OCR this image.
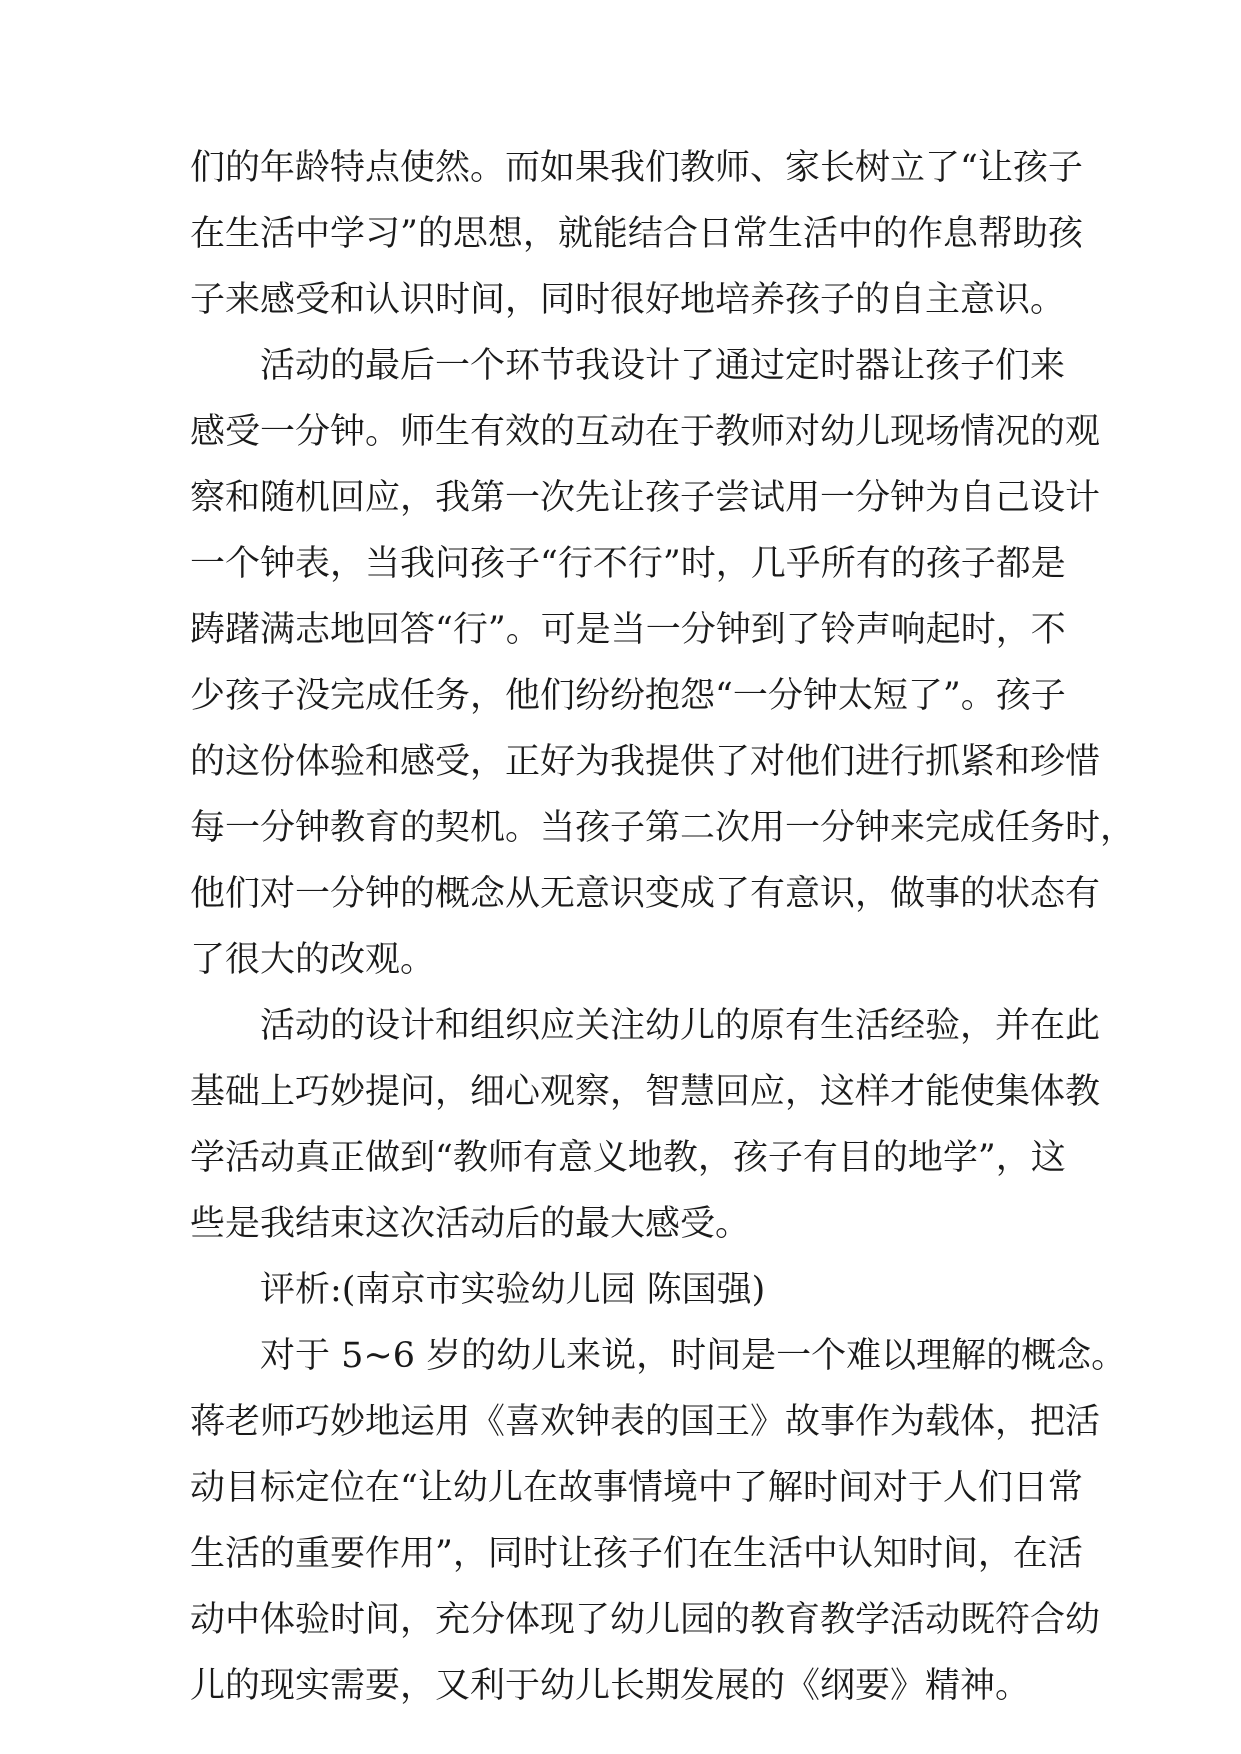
们的年龄特点使然。而如果我们教师、家长树立了“让孩子
在生活中学习”的思想，就能结合日常生活中的作息帮助孩
子来感受和认识时间，同时很好地培养孩子的自主意识。
活动的最后一个环节我设计了通过定时器让孩子们来
感受一分钟。师生有效的互动在于教师对幼儿现场情况的观
察和随机回应，我第一次先让孩子尝试用一分钟为自己设计
一个钟表，当我问孩子“行不行”时，几乎所有的孩子都是
踌躇满志地回答“行”。可是当一分钟到了铃声响起时，不
少孩子没完成任务，他们纷纷抱怨“一分钟太短了”。孩子
的这份体验和感受，正好为我提供了对他们进行抓紧和珍惜
每一分钟教育的契机。当孩子第二次用一分钟来完成任务时，
他们对一分钟的概念从无意识变成了有意识，做事的状态有
了很大的改观。
活动的设计和组织应关注幼儿的原有生活经验，并在此
基础上巧妙提问，细心观察，智慧回应，这样才能使集体教
学活动真正做到“教师有意义地教，孩子有目的地学”，这
些是我结束这次活动后的最大感受。
评析:(南京市实验幼儿园 陈国强)
对于 5~6 岁的幼儿来说，时间是一个难以理解的概念。
蒋老师巧妙地运用《喜欢钟表的国王》故事作为载体，把活
动目标定位在“让幼儿在故事情境中了解时间对于人们日常
生活的重要作用”，同时让孩子们在生活中认知时间，在活
动中体验时间，充分体现了幼儿园的教育教学活动既符合幼
儿的现实需要，又利于幼儿长期发展的《纲要》精神。
